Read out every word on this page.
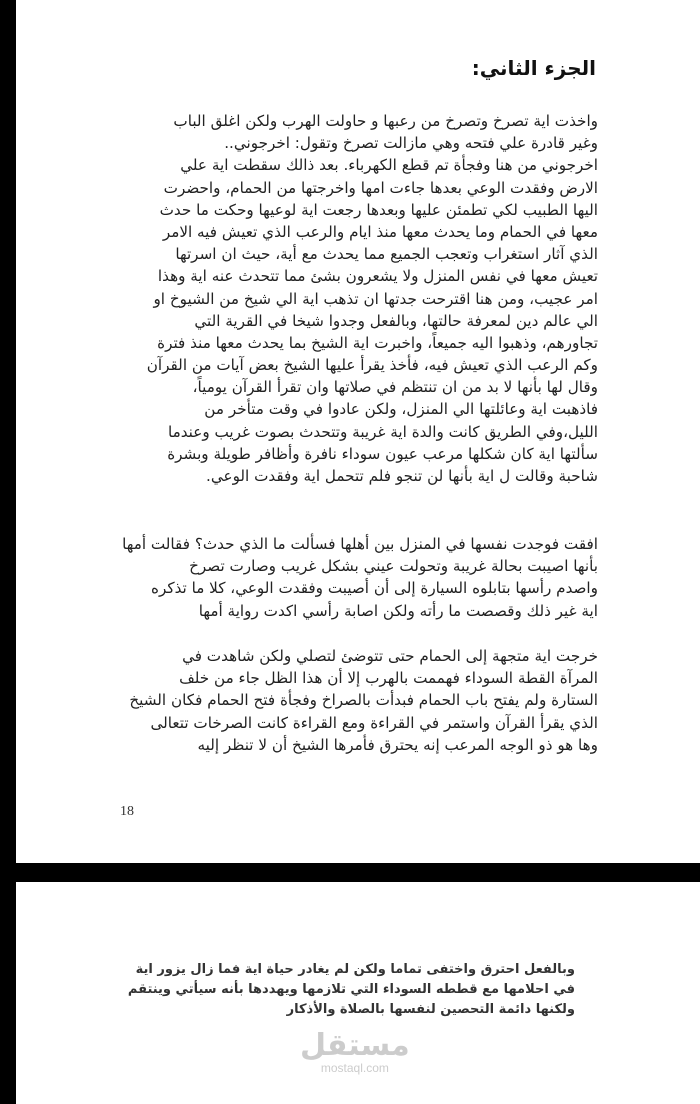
الجزء الثاني:
واخذت اية تصرخ وتصرخ من رعبها و حاولت الهرب ولكن اغلق الباب
وغير قادرة علي فتحه وهي مازالت تصرخ وتقول: اخرجوني..
اخرجوني من هنا وفجأة تم قطع الكهرباء. بعد ذالك سقطت اية علي
الارض وفقدت الوعي بعدها جاءت امها واخرجتها من الحمام، واحضرت
اليها الطبيب لكي تطمئن عليها وبعدها رجعت اية لوعيها وحكت ما حدث
معها في الحمام وما يحدث معها منذ ايام والرعب الذي تعيش فيه الامر
الذي آثار استغراب وتعجب الجميع مما يحدث مع أية، حيث ان اسرتها
تعيش معها في نفس المنزل ولا يشعرون بشئ مما تتحدث عنه اية وهذا
امر عجيب، ومن هنا اقترحت جدتها ان تذهب اية الي شيخ من الشيوخ او
الي عالم دين لمعرفة حالتها، وبالفعل وجدوا شيخا في القرية التي
تجاورهم، وذهبوا اليه جميعاً، واخبرت اية الشيخ بما يحدث معها منذ فترة
وكم الرعب الذي تعيش فيه، فأخذ يقرأ عليها الشيخ بعض آيات من القرآن
وقال لها بأنها لا بد من ان تنتظم في صلاتها وان تقرأ القرآن يومياً،
فاذهبت اية وعائلتها الي المنزل، ولكن عادوا في وقت متأخر من
الليل،وفي الطريق كانت والدة اية غريبة وتتحدث بصوت غريب وعندما
سألتها اية كان شكلها مرعب عيون سوداء نافرة وأظافر طويلة وبشرة
شاحبة وقالت ل اية بأنها لن تنجو فلم تتحمل اية وفقدت الوعي.
افقت فوجدت نفسها في المنزل بين أهلها فسألت ما الذي حدث؟ فقالت أمها
بأنها اصيبت بحالة غريبة وتحولت عيني بشكل غريب وصارت تصرخ
واصدم رأسها بتابلوه السيارة إلى أن أصيبت وفقدت الوعي، كلا ما تذكره
اية غير ذلك وقصصت ما رأته ولكن اصابة رأسي اكدت رواية أمها
خرجت اية متجهة إلى الحمام حتى تتوضئ لتصلي ولكن شاهدت في
المرآة القطة السوداء فهممت بالهرب إلا أن هذا الظل جاء من خلف
الستارة ولم يفتح باب الحمام فبدأت بالصراخ وفجأة فتح الحمام فكان الشيخ
الذي يقرأ القرآن واستمر في القراءة ومع القراءة كانت الصرخات تتعالى
وها هو ذو الوجه المرعب إنه يحترق فأمرها الشيخ أن لا تنظر إليه
18
وبالفعل احترق واختفى تماما ولكن لم يغادر حياة اية فما زال يزور اية
في احلامها مع قططه السوداء التي تلازمها ويهددها بأنه سيأتي وينتقم
ولكنها دائمة التحصين لنفسها بالصلاة والأذكار
مستقل
mostaql.com
